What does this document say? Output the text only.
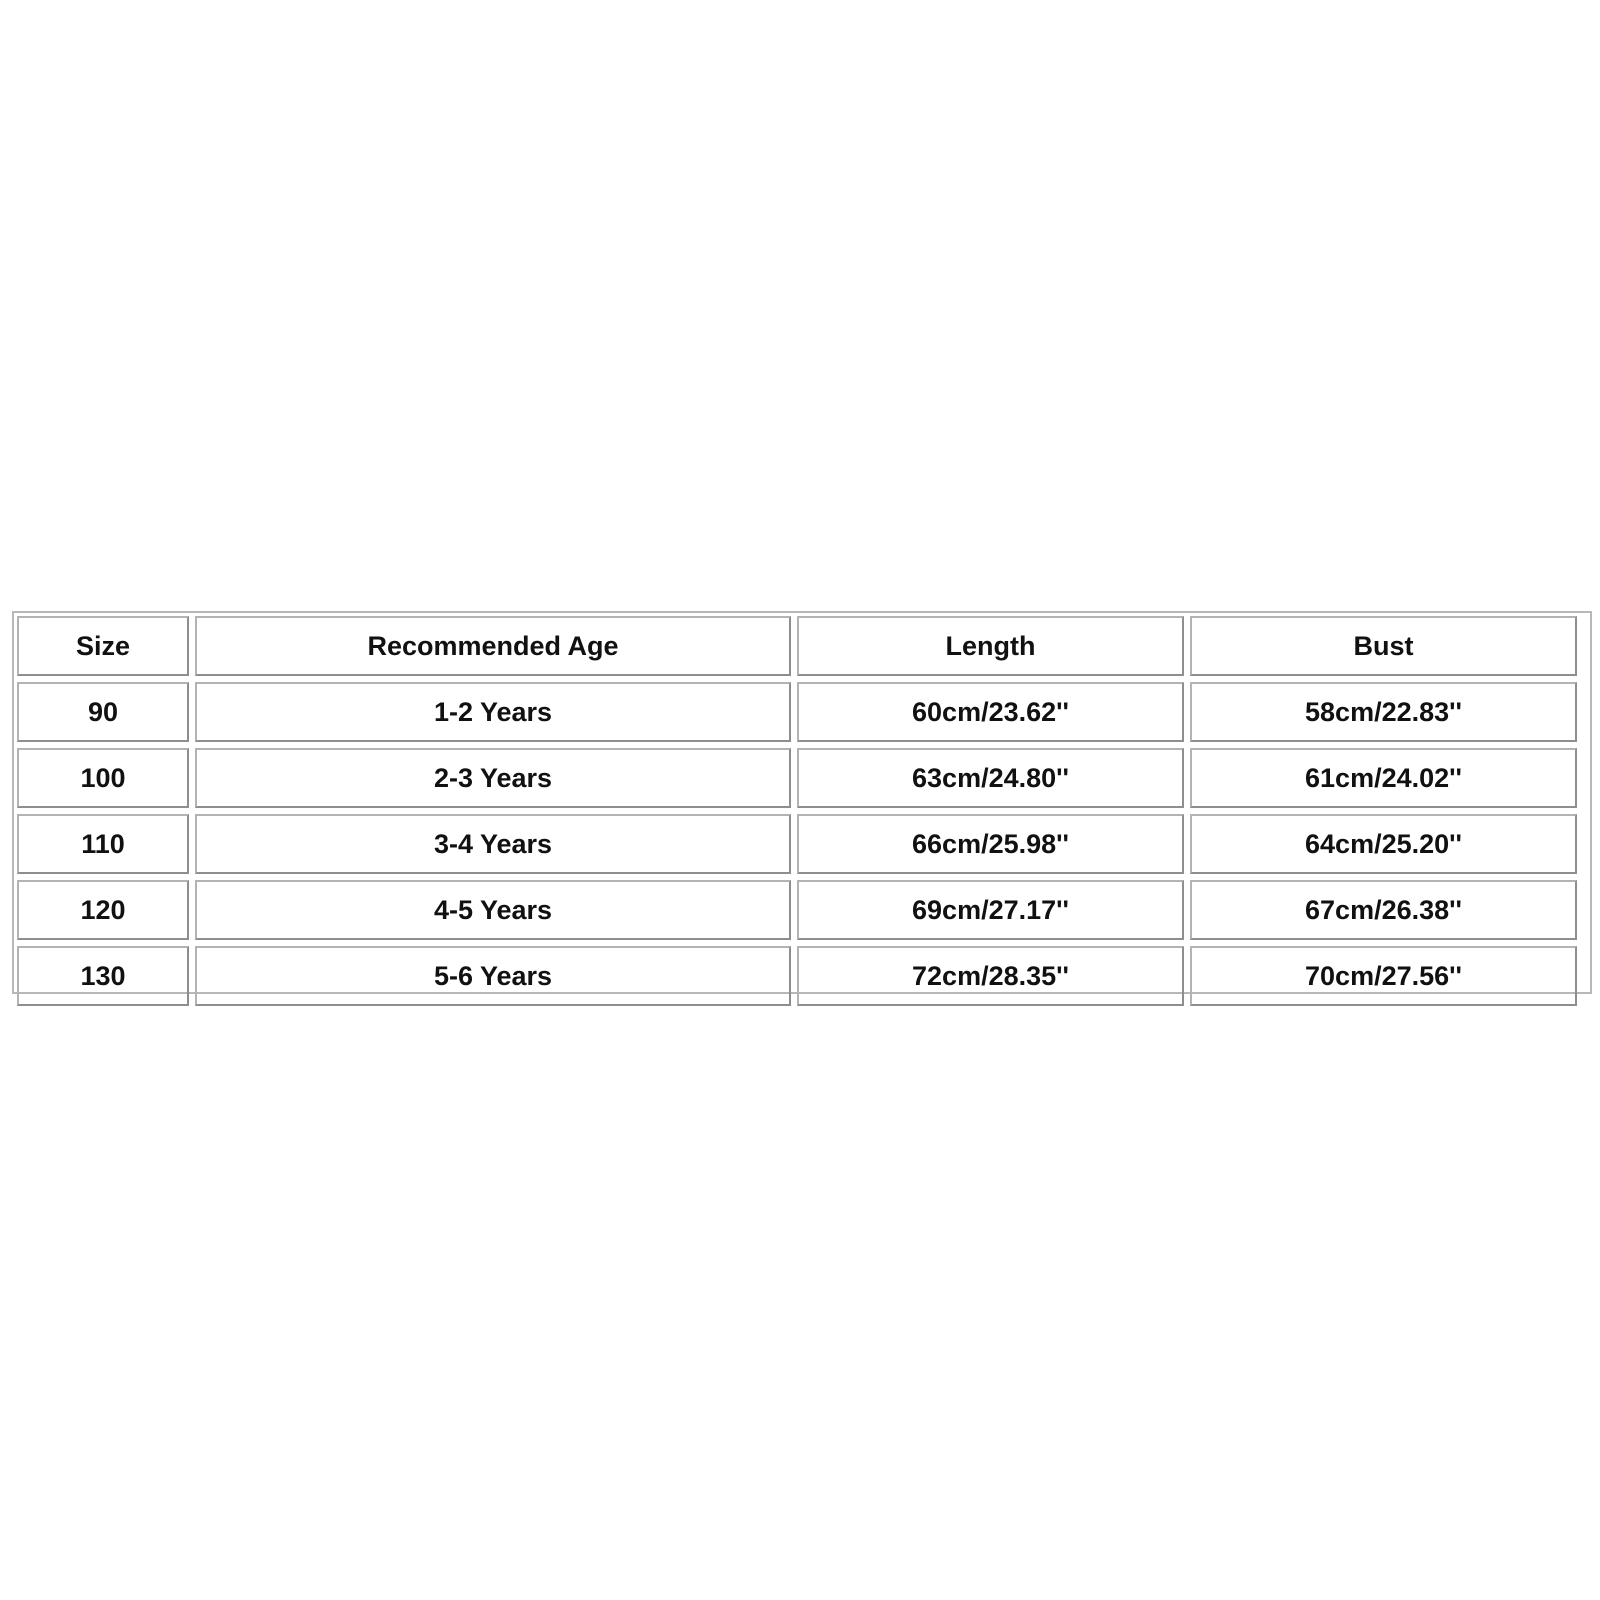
Size	Recommended Age	Length	Bust
90	1-2 Years	60cm/23.62''	58cm/22.83''
100	2-3 Years	63cm/24.80''	61cm/24.02''
110	3-4 Years	66cm/25.98''	64cm/25.20''
120	4-5 Years	69cm/27.17''	67cm/26.38''
130	5-6 Years	72cm/28.35''	70cm/27.56''
